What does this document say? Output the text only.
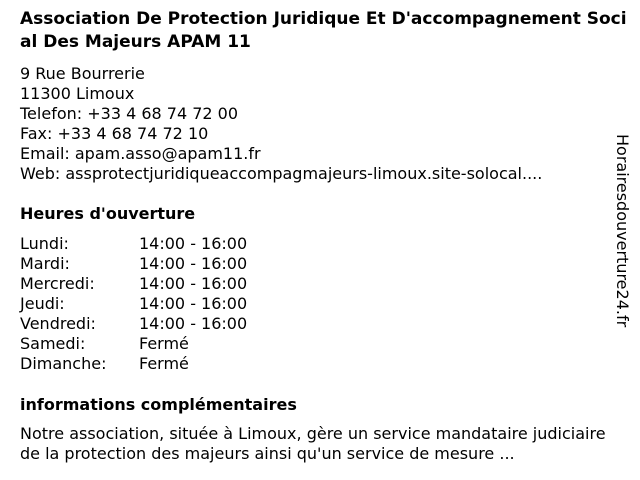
Association De Protection Juridique Et D'accompagnement Social Des Majeurs APAM 11
9 Rue Bourrerie
11300 Limoux
Telefon: +33 4 68 74 72 00
Fax: +33 4 68 74 72 10
Email: apam.asso@apam11.fr
Web: assprotectjuridiqueaccompagmajeurs-limoux.site-solocal....
Heures d'ouverture
Lundi:	14:00 - 16:00
Mardi:	14:00 - 16:00
Mercredi:	14:00 - 16:00
Jeudi:	14:00 - 16:00
Vendredi:	14:00 - 16:00
Samedi:	Fermé
Dimanche:	Fermé
informations complémentaires
Notre association, située à Limoux, gère un service mandataire judiciaire de la protection des majeurs ainsi qu'un service de mesure ...
Horairesdouverture24.fr
